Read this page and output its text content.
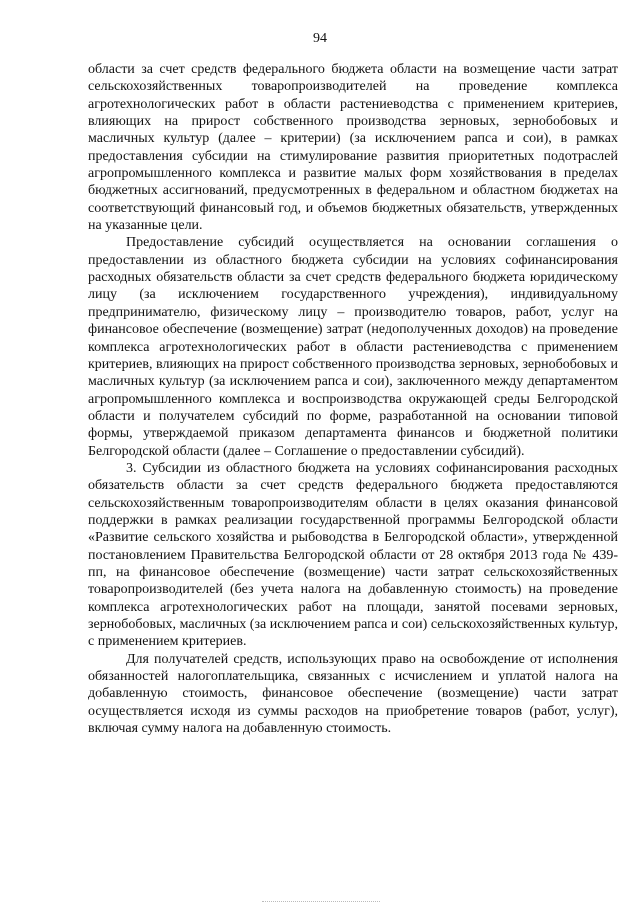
94

области за счет средств федерального бюджета области на возмещение части затрат сельскохозяйственных товаропроизводителей на проведение комплекса агротехнологических работ в области растениеводства с применением критериев, влияющих на прирост собственного производства зерновых, зернобобовых и масличных культур (далее – критерии) (за исключением рапса и сои), в рамках предоставления субсидии на стимулирование развития приоритетных подотраслей агропромышленного комплекса и развитие малых форм хозяйствования в пределах бюджетных ассигнований, предусмотренных в федеральном и областном бюджетах на соответствующий финансовый год, и объемов бюджетных обязательств, утвержденных на указанные цели.

Предоставление субсидий осуществляется на основании соглашения о предоставлении из областного бюджета субсидии на условиях софинансирования расходных обязательств области за счет средств федерального бюджета юридическому лицу (за исключением государственного учреждения), индивидуальному предпринимателю, физическому лицу – производителю товаров, работ, услуг на финансовое обеспечение (возмещение) затрат (недополученных доходов) на проведение комплекса агротехнологических работ в области растениеводства с применением критериев, влияющих на прирост собственного производства зерновых, зернобобовых и масличных культур (за исключением рапса и сои), заключенного между департаментом агропромышленного комплекса и воспроизводства окружающей среды Белгородской области и получателем субсидий по форме, разработанной на основании типовой формы, утверждаемой приказом департамента финансов и бюджетной политики Белгородской области (далее – Соглашение о предоставлении субсидий).

3. Субсидии из областного бюджета на условиях софинансирования расходных обязательств области за счет средств федерального бюджета предоставляются сельскохозяйственным товаропроизводителям области в целях оказания финансовой поддержки в рамках реализации государственной программы Белгородской области «Развитие сельского хозяйства и рыбоводства в Белгородской области», утвержденной постановлением Правительства Белгородской области от 28 октября 2013 года № 439-пп, на финансовое обеспечение (возмещение) части затрат сельскохозяйственных товаропроизводителей (без учета налога на добавленную стоимость) на проведение комплекса агротехнологических работ на площади, занятой посевами зерновых, зернобобовых, масличных (за исключением рапса и сои) сельскохозяйственных культур, с применением критериев.

Для получателей средств, использующих право на освобождение от исполнения обязанностей налогоплательщика, связанных с исчислением и уплатой налога на добавленную стоимость, финансовое обеспечение (возмещение) части затрат осуществляется исходя из суммы расходов на приобретение товаров (работ, услуг), включая сумму налога на добавленную стоимость.
